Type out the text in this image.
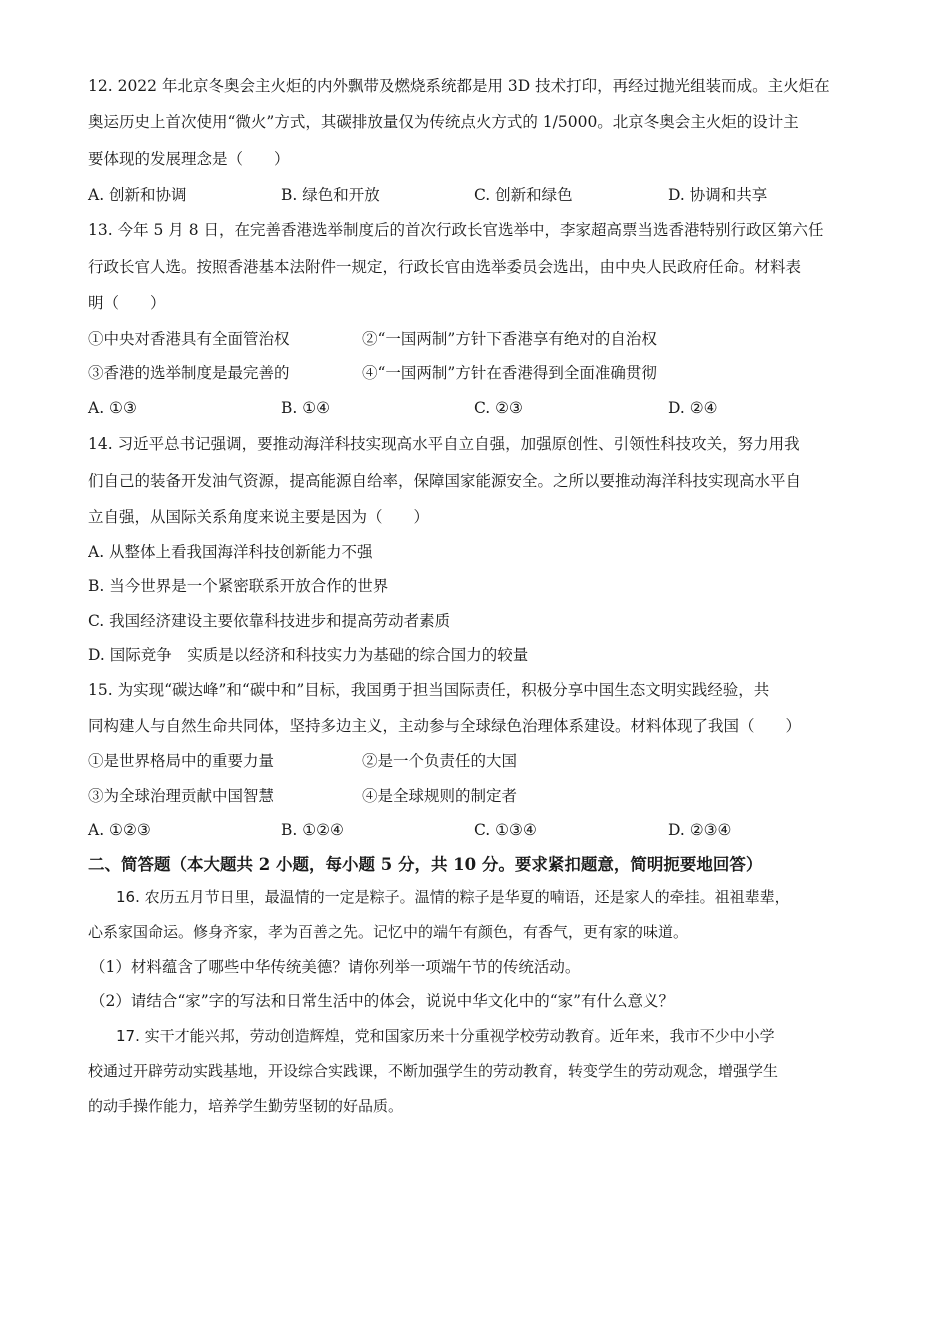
12. 2022 年北京冬奥会主火炬的内外飘带及燃烧系统都是用 3D 技术打印，再经过抛光组装而成。主火炬在
奥运历史上首次使用“微火”方式，其碳排放量仅为传统点火方式的 1/5000。北京冬奥会主火炬的设计主
要体现的发展理念是（　　）
A. 创新和协调	B. 绿色和开放	C. 创新和绿色	D. 协调和共享
13. 今年 5 月 8 日，在完善香港选举制度后的首次行政长官选举中，李家超高票当选香港特别行政区第六任
行政长官人选。按照香港基本法附件一规定，行政长官由选举委员会选出，由中央人民政府任命。材料表
明（　　）
①中央对香港具有全面管治权	②“一国两制”方针下香港享有绝对的自治权
③香港的选举制度是最完善的	④“一国两制”方针在香港得到全面准确贯彻
A. ①③	B. ①④	C. ②③	D. ②④
14. 习近平总书记强调，要推动海洋科技实现高水平自立自强，加强原创性、引领性科技攻关，努力用我
们自己的装备开发油气资源，提高能源自给率，保障国家能源安全。之所以要推动海洋科技实现高水平自
立自强，从国际关系角度来说主要是因为（　　）
A. 从整体上看我国海洋科技创新能力不强
B. 当今世界是一个紧密联系开放合作的世界
C. 我国经济建设主要依靠科技进步和提高劳动者素质
D. 国际竞争　实质是以经济和科技实力为基础的综合国力的较量
15. 为实现“碳达峰”和“碳中和”目标，我国勇于担当国际责任，积极分享中国生态文明实践经验，共
同构建人与自然生命共同体，坚持多边主义，主动参与全球绿色治理体系建设。材料体现了我国（　　）
①是世界格局中的重要力量	②是一个负责任的大国
③为全球治理贡献中国智慧	④是全球规则的制定者
A. ①②③	B. ①②④	C. ①③④	D. ②③④
二、简答题（本大题共 2 小题，每小题 5 分，共 10 分。要求紧扣题意，简明扼要地回答）
16. 农历五月节日里，最温情的一定是粽子。温情的粽子是华夏的喃语，还是家人的牵挂。祖祖辈辈，
心系家国命运。修身齐家，孝为百善之先。记忆中的端午有颜色，有香气，更有家的味道。
（1）材料蕴含了哪些中华传统美德？请你列举一项端午节的传统活动。
（2）请结合“家”字的写法和日常生活中的体会，说说中华文化中的“家”有什么意义？
17. 实干才能兴邦，劳动创造辉煌，党和国家历来十分重视学校劳动教育。近年来，我市不少中小学
校通过开辟劳动实践基地，开设综合实践课，不断加强学生的劳动教育，转变学生的劳动观念，增强学生
的动手操作能力，培养学生勤劳坚韧的好品质。
